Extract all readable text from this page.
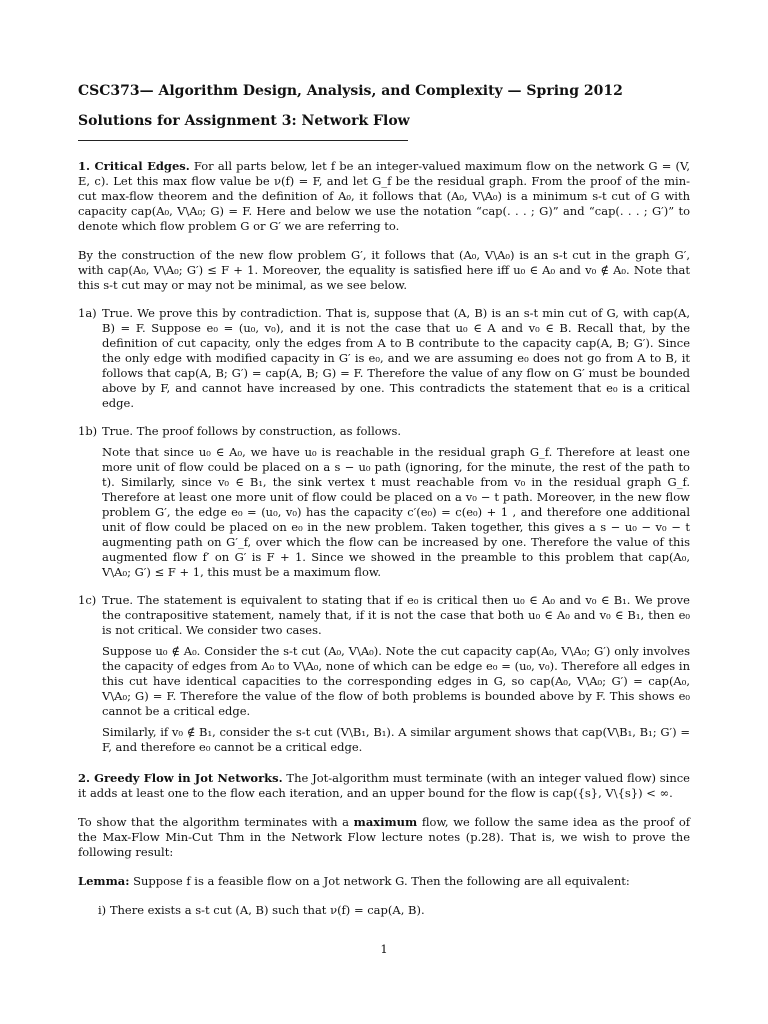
CSC373— Algorithm Design, Analysis, and Complexity — Spring 2012
Solutions for Assignment 3: Network Flow

1. Critical Edges. For all parts below, let f be an integer-valued maximum flow on the network G = (V, E, c). Let this max flow value be ν(f) = F, and let G_f be the residual graph. From the proof of the min-cut max-flow theorem and the definition of A₀, it follows that (A₀, V\A₀) is a minimum s-t cut of G with capacity cap(A₀, V\A₀; G) = F. Here and below we use the notation “cap(. . . ; G)” and “cap(. . . ; G′)” to denote which flow problem G or G′ we are referring to.

By the construction of the new flow problem G′, it follows that (A₀, V\A₀) is an s-t cut in the graph G′, with cap(A₀, V\A₀; G′) ≤ F + 1. Moreover, the equality is satisfied here iff u₀ ∈ A₀ and v₀ ∉ A₀. Note that this s-t cut may or may not be minimal, as we see below.

1a) True. We prove this by contradiction. That is, suppose that (A, B) is an s-t min cut of G, with cap(A, B) = F. Suppose e₀ = (u₀, v₀), and it is not the case that u₀ ∈ A and v₀ ∈ B. Recall that, by the definition of cut capacity, only the edges from A to B contribute to the capacity cap(A, B; G′). Since the only edge with modified capacity in G′ is e₀, and we are assuming e₀ does not go from A to B, it follows that cap(A, B; G′) = cap(A, B; G) = F. Therefore the value of any flow on G′ must be bounded above by F, and cannot have increased by one. This contradicts the statement that e₀ is a critical edge.

1b) True. The proof follows by construction, as follows.

Note that since u₀ ∈ A₀, we have u₀ is reachable in the residual graph G_f. Therefore at least one more unit of flow could be placed on a s − u₀ path (ignoring, for the minute, the rest of the path to t). Similarly, since v₀ ∈ B₁, the sink vertex t must reachable from v₀ in the residual graph G_f. Therefore at least one more unit of flow could be placed on a v₀ − t path. Moreover, in the new flow problem G′, the edge e₀ = (u₀, v₀) has the capacity c′(e₀) = c(e₀) + 1 , and therefore one additional unit of flow could be placed on e₀ in the new problem. Taken together, this gives a s − u₀ − v₀ − t augmenting path on G′_f, over which the flow can be increased by one. Therefore the value of this augmented flow f′ on G′ is F + 1. Since we showed in the preamble to this problem that cap(A₀, V\A₀; G′) ≤ F + 1, this must be a maximum flow.

1c) True. The statement is equivalent to stating that if e₀ is critical then u₀ ∈ A₀ and v₀ ∈ B₁. We prove the contrapositive statement, namely that, if it is not the case that both u₀ ∈ A₀ and v₀ ∈ B₁, then e₀ is not critical. We consider two cases.

Suppose u₀ ∉ A₀. Consider the s-t cut (A₀, V\A₀). Note the cut capacity cap(A₀, V\A₀; G′) only involves the capacity of edges from A₀ to V\A₀, none of which can be edge e₀ = (u₀, v₀). Therefore all edges in this cut have identical capacities to the corresponding edges in G, so cap(A₀, V\A₀; G′) = cap(A₀, V\A₀; G) = F. Therefore the value of the flow of both problems is bounded above by F. This shows e₀ cannot be a critical edge.

Similarly, if v₀ ∉ B₁, consider the s-t cut (V\B₁, B₁). A similar argument shows that cap(V\B₁, B₁; G′) = F, and therefore e₀ cannot be a critical edge.

2. Greedy Flow in Jot Networks. The Jot-algorithm must terminate (with an integer valued flow) since it adds at least one to the flow each iteration, and an upper bound for the flow is cap({s}, V\{s}) < ∞.

To show that the algorithm terminates with a maximum flow, we follow the same idea as the proof of the Max-Flow Min-Cut Thm in the Network Flow lecture notes (p.28). That is, we wish to prove the following result:

Lemma: Suppose f is a feasible flow on a Jot network G. Then the following are all equivalent:

i) There exists a s-t cut (A, B) such that ν(f) = cap(A, B).
1
